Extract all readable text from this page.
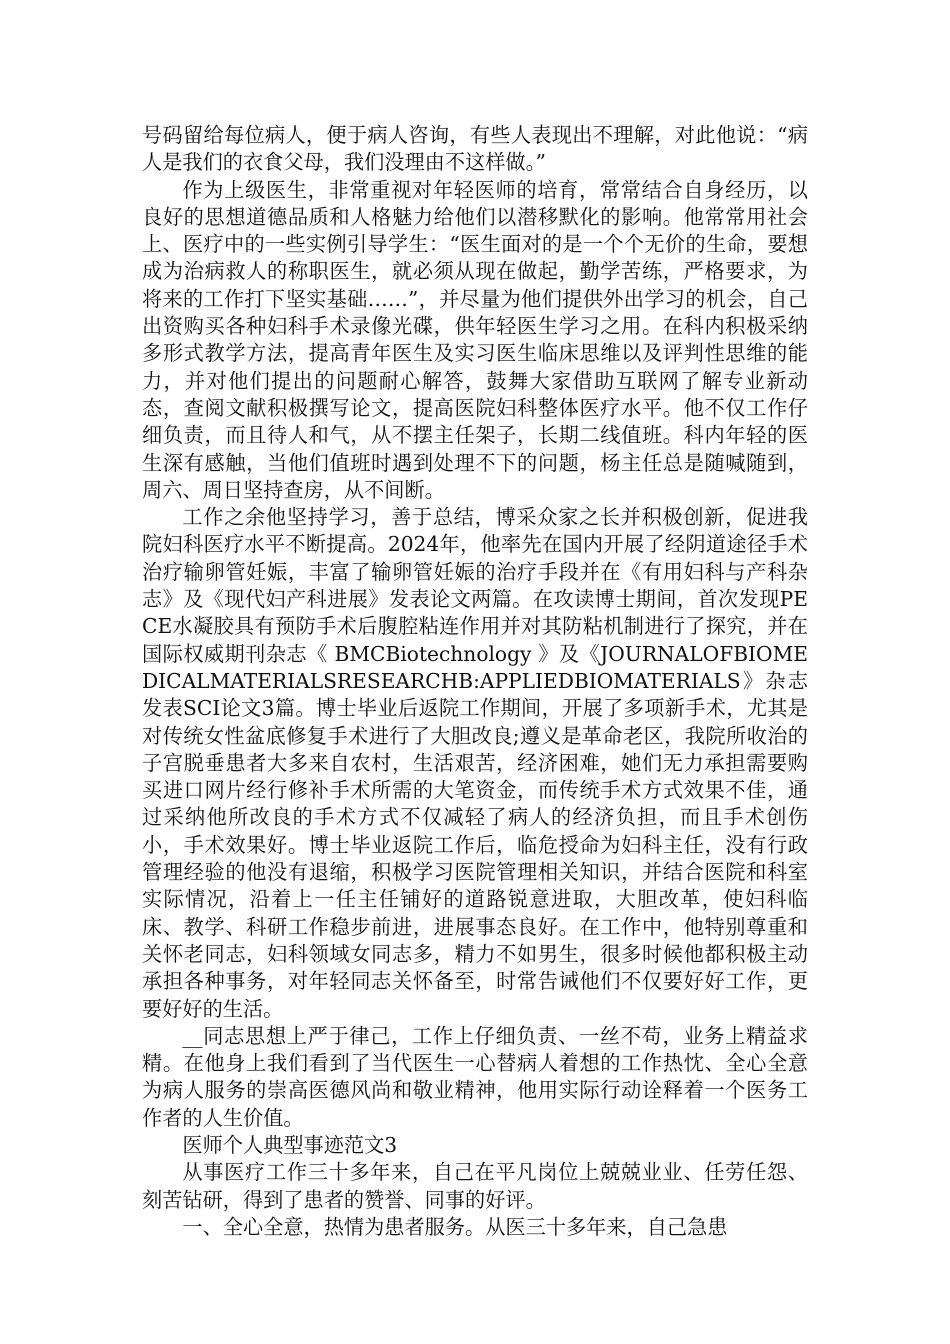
号码留给每位病人，便于病人咨询，有些人表现出不理解，对此他说：“病人是我们的衣食父母，我们没理由不这样做。”

作为上级医生，非常重视对年轻医师的培育，常常结合自身经历，以良好的思想道德品质和人格魅力给他们以潜移默化的影响。他常常用社会上、医疗中的一些实例引导学生：“医生面对的是一个个无价的生命，要想成为治病救人的称职医生，就必须从现在做起，勤学苦练，严格要求，为将来的工作打下坚实基础……”，并尽量为他们提供外出学习的机会，自己出资购买各种妇科手术录像光碟，供年轻医生学习之用。在科内积极采纳多形式教学方法，提高青年医生及实习医生临床思维以及评判性思维的能力，并对他们提出的问题耐心解答，鼓舞大家借助互联网了解专业新动态，查阅文献积极撰写论文，提高医院妇科整体医疗水平。他不仅工作仔细负责，而且待人和气，从不摆主任架子，长期二线值班。科内年轻的医生深有感触，当他们值班时遇到处理不下的问题，杨主任总是随喊随到，周六、周日坚持查房，从不间断。

工作之余他坚持学习，善于总结，博采众家之长并积极创新，促进我院妇科医疗水平不断提高。2024年，他率先在国内开展了经阴道途径手术治疗输卵管妊娠，丰富了输卵管妊娠的治疗手段并在《有用妇科与产科杂志》及《现代妇产科进展》发表论文两篇。在攻读博士期间，首次发现PECE水凝胶具有预防手术后腹腔粘连作用并对其防粘机制进行了探究，并在国际权威期刊杂志《 BMCBiotechnology 》及《JOURNALOFBIOMEDICALMATERIALSRESEARCHB:APPLIEDBIOMATERIALS》杂志发表SCI论文3篇。博士毕业后返院工作期间，开展了多项新手术，尤其是对传统女性盆底修复手术进行了大胆改良;遵义是革命老区，我院所收治的子宫脱垂患者大多来自农村，生活艰苦，经济困难，她们无力承担需要购买进口网片经行修补手术所需的大笔资金，而传统手术方式效果不佳，通过采纳他所改良的手术方式不仅减轻了病人的经济负担，而且手术创伤小，手术效果好。博士毕业返院工作后，临危授命为妇科主任，没有行政管理经验的他没有退缩，积极学习医院管理相关知识，并结合医院和科室实际情况，沿着上一任主任铺好的道路锐意进取，大胆改革，使妇科临床、教学、科研工作稳步前进，进展事态良好。在工作中，他特别尊重和关怀老同志，妇科领域女同志多，精力不如男生，很多时候他都积极主动承担各种事务，对年轻同志关怀备至，时常告诫他们不仅要好好工作，更要好好的生活。

__同志思想上严于律己，工作上仔细负责、一丝不苟，业务上精益求精。在他身上我们看到了当代医生一心替病人着想的工作热忱、全心全意为病人服务的崇高医德风尚和敬业精神，他用实际行动诠释着一个医务工作者的人生价值。

医师个人典型事迹范文3

从事医疗工作三十多年来，自己在平凡岗位上兢兢业业、任劳任怨、刻苦钻研，得到了患者的赞誉、同事的好评。

一、全心全意，热情为患者服务。从医三十多年来，自己急患
